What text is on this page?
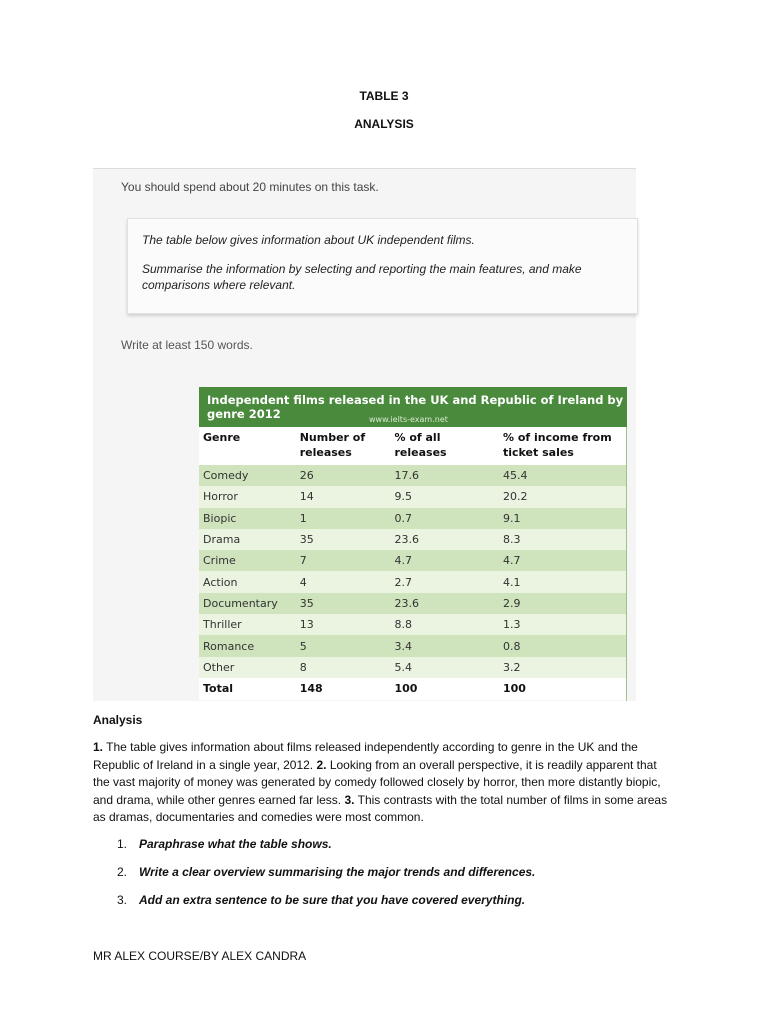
TABLE 3
ANALYSIS
You should spend about 20 minutes on this task.
The table below gives information about UK independent films.
Summarise the information by selecting and reporting the main features, and make comparisons where relevant.
Write at least 150 words.
Independent films released in the UK and Republic of Ireland by genre 2012	www.ielts-exam.net
Genre	Number of releases	% of all releases	% of income from ticket sales
Comedy	26	17.6	45.4
Horror	14	9.5	20.2
Biopic	1	0.7	9.1
Drama	35	23.6	8.3
Crime	7	4.7	4.7
Action	4	2.7	4.1
Documentary	35	23.6	2.9
Thriller	13	8.8	1.3
Romance	5	3.4	0.8
Other	8	5.4	3.2
Total	148	100	100
Analysis
1. The table gives information about films released independently according to genre in the UK and the Republic of Ireland in a single year, 2012. 2. Looking from an overall perspective, it is readily apparent that the vast majority of money was generated by comedy followed closely by horror, then more distantly biopic, and drama, while other genres earned far less. 3. This contrasts with the total number of films in some areas as dramas, documentaries and comedies were most common.
1. Paraphrase what the table shows.
2. Write a clear overview summarising the major trends and differences.
3. Add an extra sentence to be sure that you have covered everything.
MR ALEX COURSE/BY ALEX CANDRA
